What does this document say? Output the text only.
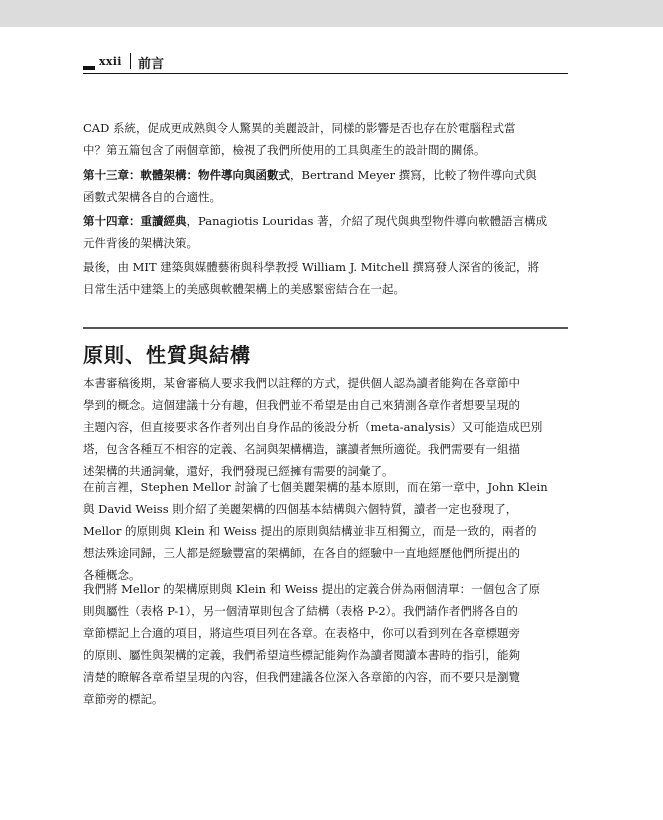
xxii 前言
CAD 系統，促成更成熟與令人驚異的美麗設計，同樣的影響是否也存在於電腦程式當
中？第五篇包含了兩個章節，檢視了我們所使用的工具與產生的設計間的關係。
第十三章：軟體架構：物件導向與函數式，Bertrand Meyer 撰寫，比較了物件導向式與
函數式架構各自的合適性。
第十四章：重讀經典，Panagiotis Louridas 著，介紹了現代與典型物件導向軟體語言構成
元件背後的架構決策。
最後，由 MIT 建築與媒體藝術與科學教授 William J. Mitchell 撰寫發人深省的後記，將
日常生活中建築上的美感與軟體架構上的美感緊密結合在一起。
原則、性質與結構
本書審稿後期，某會審稿人要求我們以註釋的方式，提供個人認為讀者能夠在各章節中
學到的概念。這個建議十分有趣，但我們並不希望是由自己來猜測各章作者想要呈現的
主題內容，但直接要求各作者列出自身作品的後設分析（meta-analysis）又可能造成巴別
塔，包含各種互不相容的定義、名詞與架構構造，讓讀者無所適從。我們需要有一組描
述架構的共通詞彙，還好，我們發現已經擁有需要的詞彙了。
在前言裡，Stephen Mellor 討論了七個美麗架構的基本原則，而在第一章中，John Klein
與 David Weiss 則介紹了美麗架構的四個基本結構與六個特質，讀者一定也發現了，
Mellor 的原則與 Klein 和 Weiss 提出的原則與結構並非互相獨立，而是一致的，兩者的
想法殊途同歸，三人都是經驗豐富的架構師，在各自的經驗中一直地經歷他們所提出的
各種概念。
我們將 Mellor 的架構原則與 Klein 和 Weiss 提出的定義合併為兩個清單：一個包含了原
則與屬性（表格 P-1），另一個清單則包含了結構（表格 P-2）。我們請作者們將各自的
章節標記上合適的項目，將這些項目列在各章。在表格中，你可以看到列在各章標題旁
的原則、屬性與架構的定義，我們希望這些標記能夠作為讀者閱讀本書時的指引，能夠
清楚的瞭解各章希望呈現的內容，但我們建議各位深入各章節的內容，而不要只是瀏覽
章節旁的標記。
